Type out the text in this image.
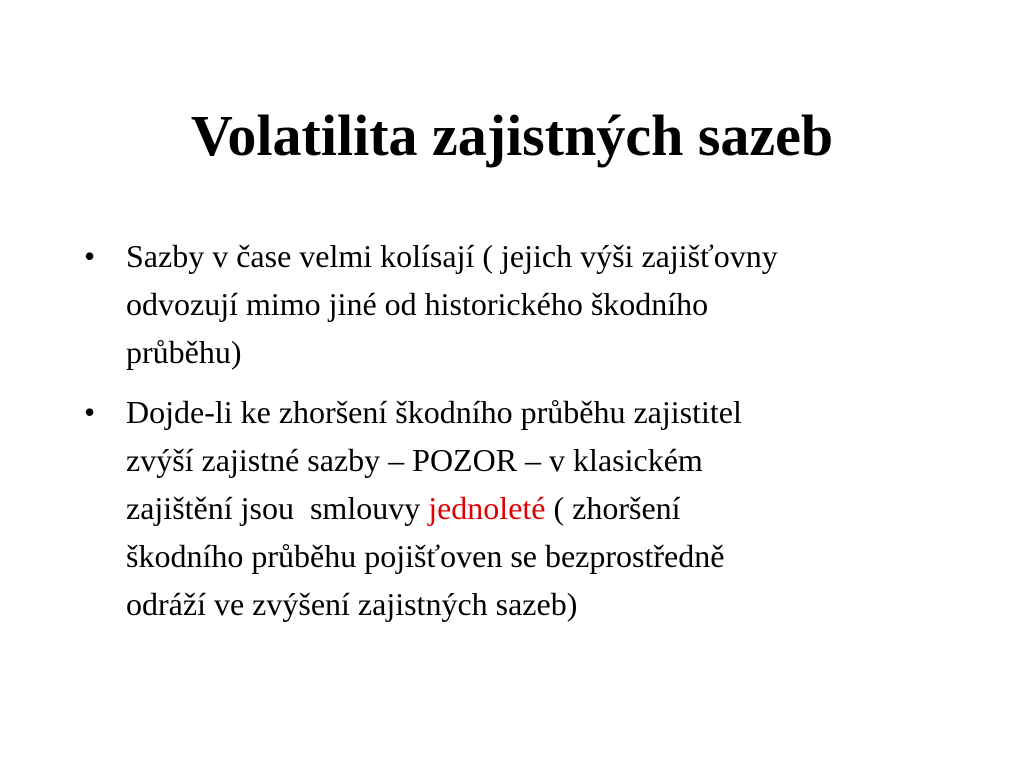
Volatilita zajistných sazeb
• Sazby v čase velmi kolísají ( jejich výši zajišťovny
odvozují mimo jiné od historického škodního
průběhu)
• Dojde-li ke zhoršení škodního průběhu zajistitel
zvýší zajistné sazby – POZOR – v klasickém
zajištění jsou  smlouvy jednoleté ( zhoršení
škodního průběhu pojišťoven se bezprostředně
odráží ve zvýšení zajistných sazeb)
